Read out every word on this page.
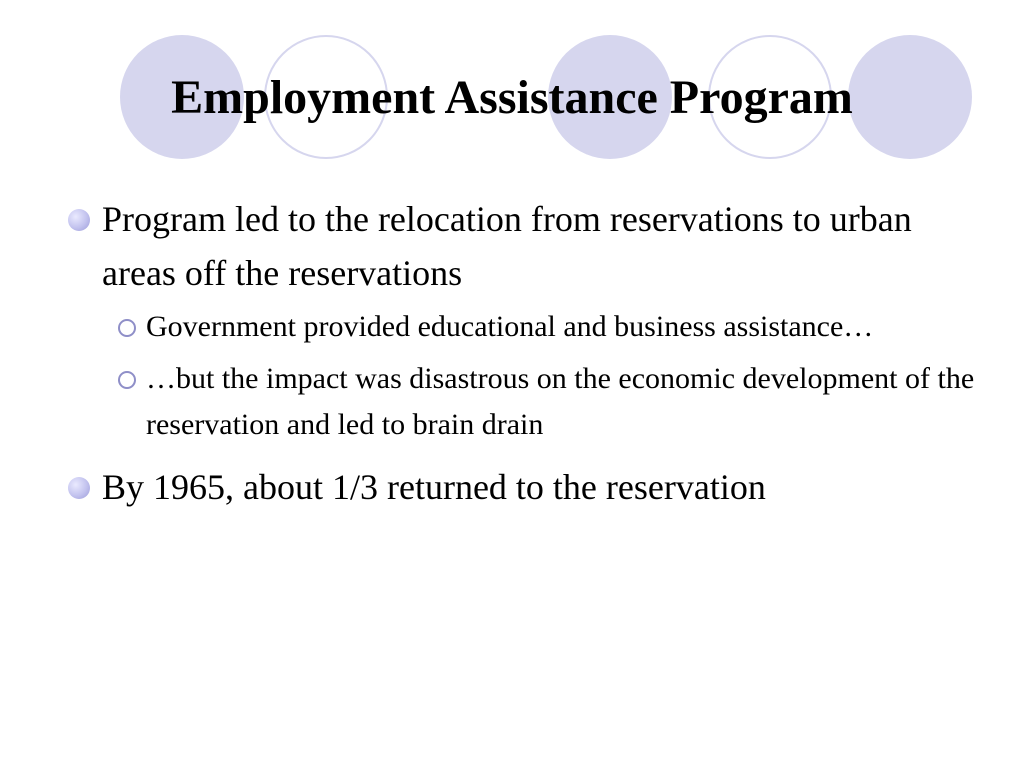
Employment Assistance Program
Program led to the relocation from reservations to urban areas off the reservations
Government provided educational and business assistance…
…but the impact was disastrous on the economic development of the reservation and led to brain drain
By 1965, about 1/3 returned to the reservation
